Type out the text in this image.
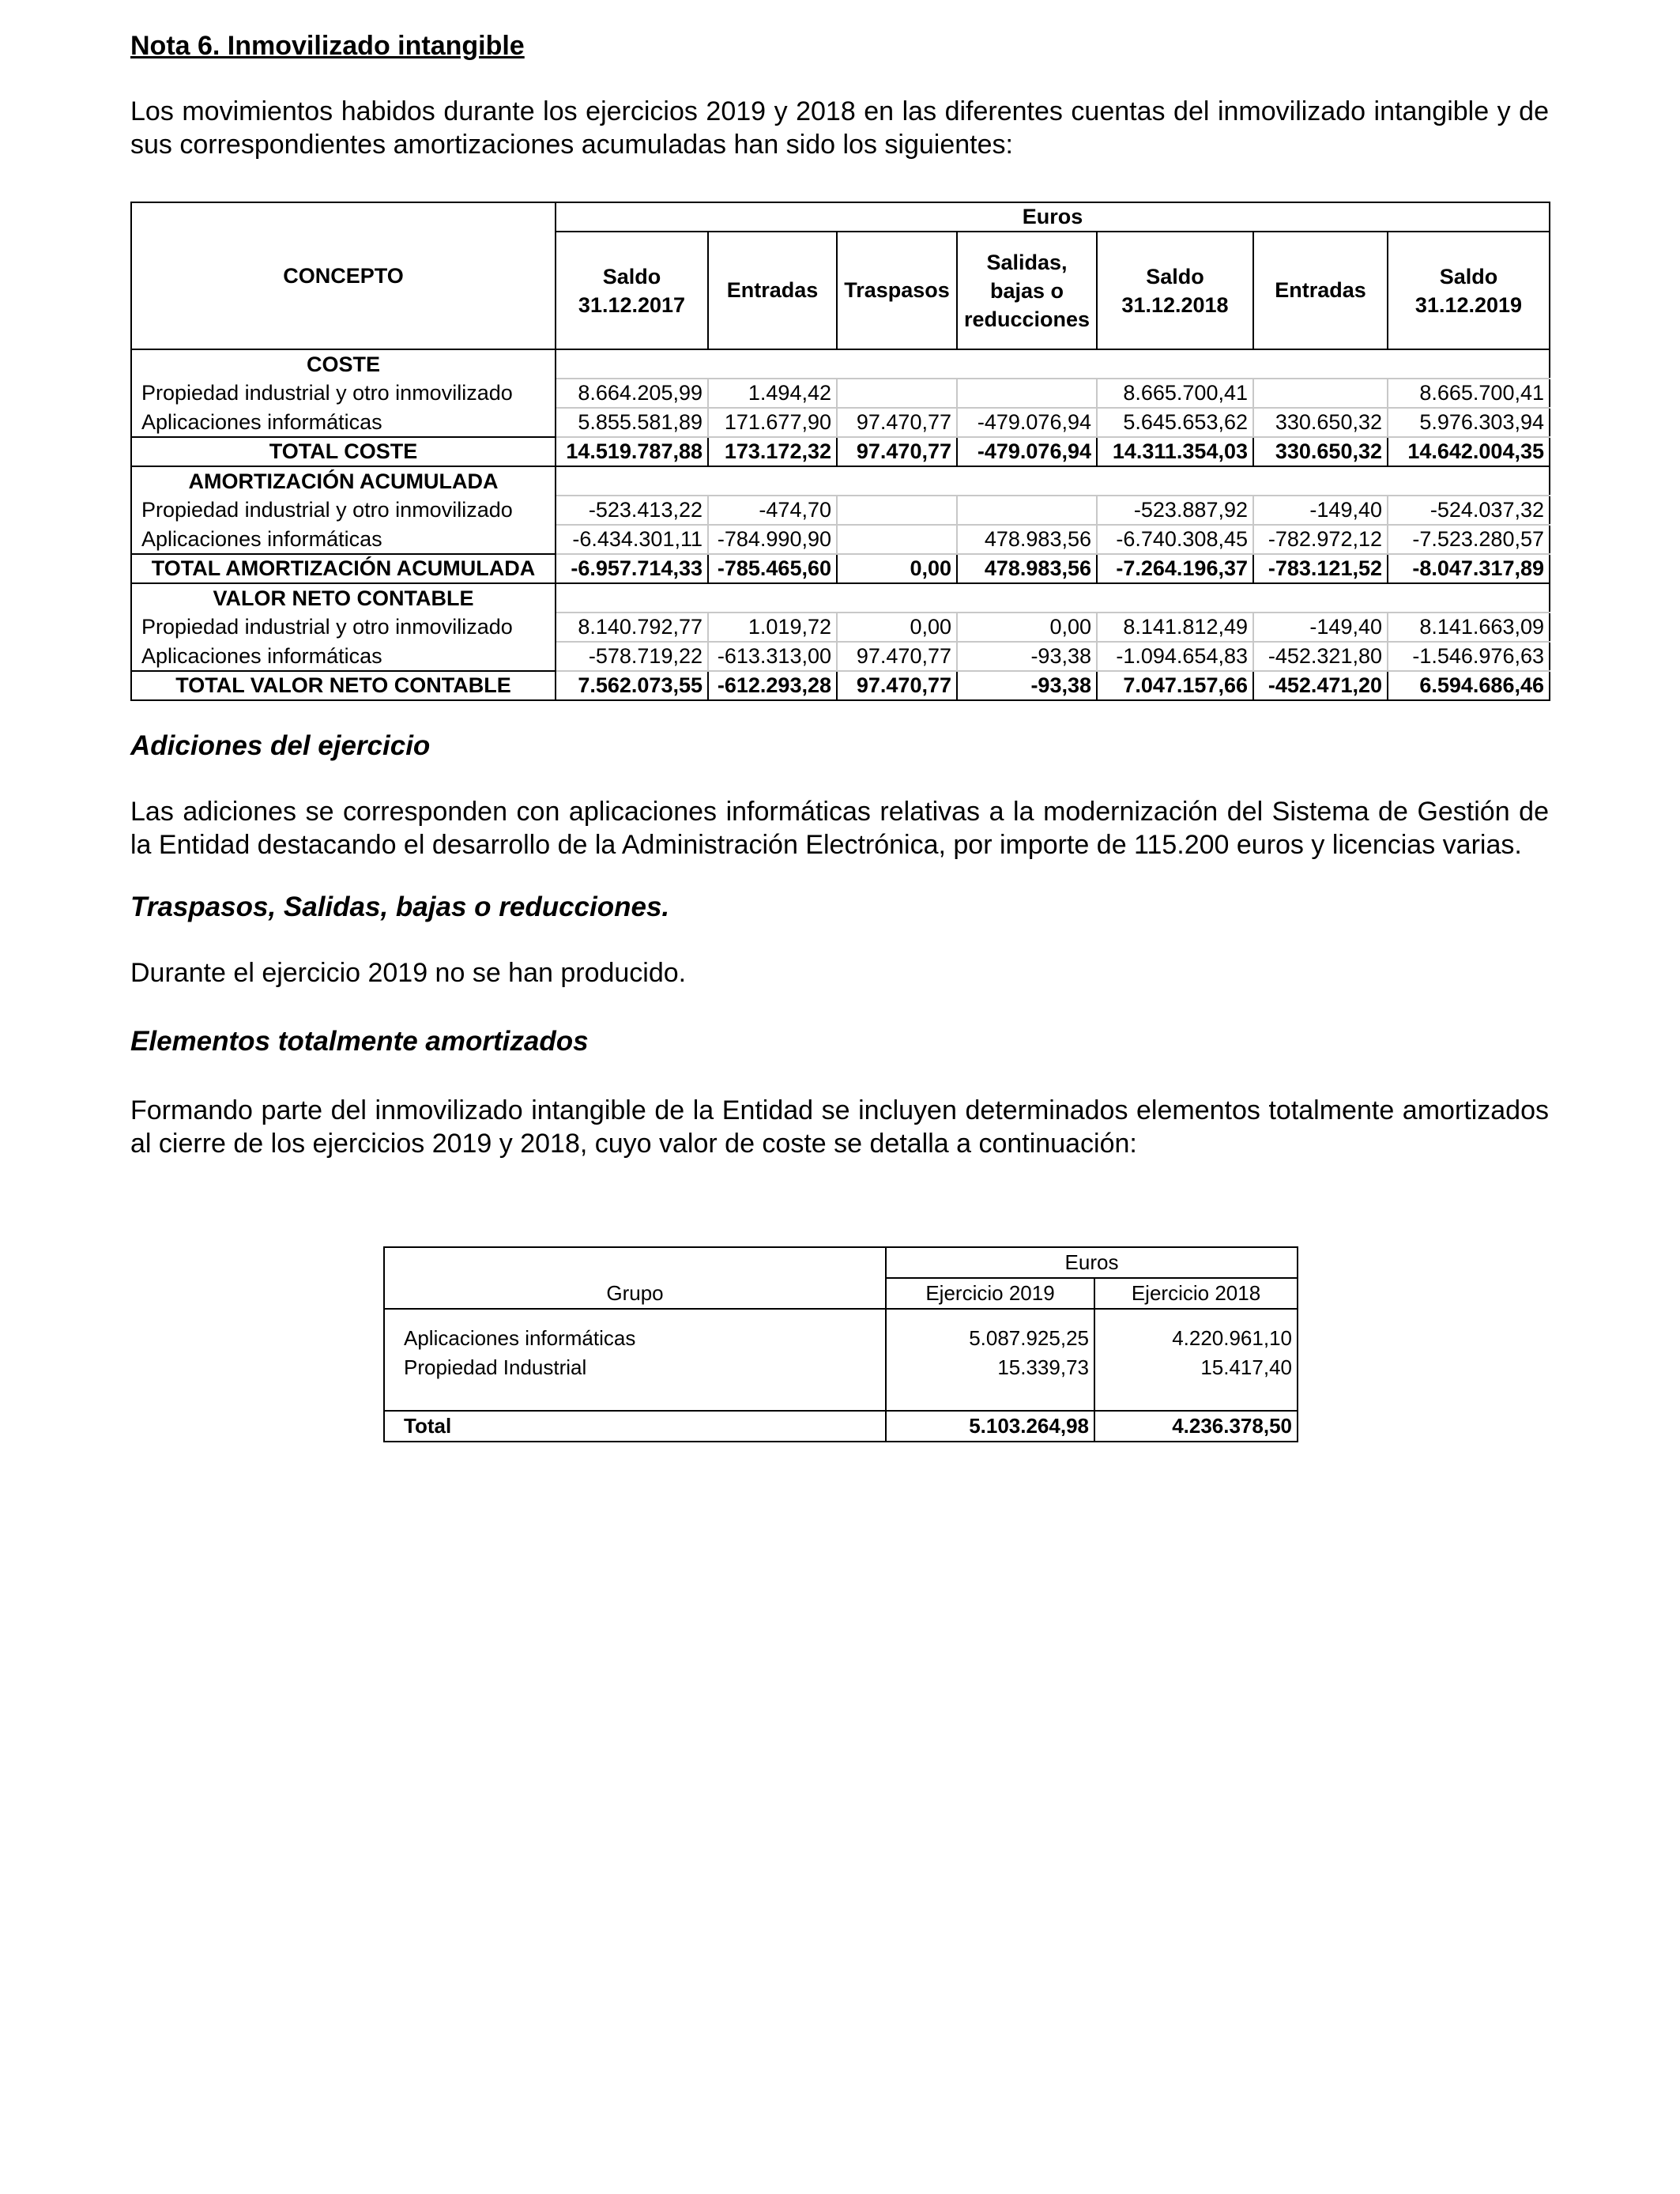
Nota 6. Inmovilizado intangible

Los movimientos habidos durante los ejercicios 2019 y 2018 en las diferentes cuentas del inmovilizado intangible y de sus correspondientes amortizaciones acumuladas han sido los siguientes:

CONCEPTO	Euros						
	Saldo 31.12.2017	Entradas	Traspasos	Salidas, bajas o reducciones	Saldo 31.12.2018	Entradas	Saldo 31.12.2019
COSTE							
Propiedad industrial y otro inmovilizado	8.664.205,99	1.494,42			8.665.700,41		8.665.700,41
Aplicaciones informáticas	5.855.581,89	171.677,90	97.470,77	-479.076,94	5.645.653,62	330.650,32	5.976.303,94
TOTAL COSTE	14.519.787,88	173.172,32	97.470,77	-479.076,94	14.311.354,03	330.650,32	14.642.004,35
AMORTIZACIÓN ACUMULADA							
Propiedad industrial y otro inmovilizado	-523.413,22	-474,70			-523.887,92	-149,40	-524.037,32
Aplicaciones informáticas	-6.434.301,11	-784.990,90		478.983,56	-6.740.308,45	-782.972,12	-7.523.280,57
TOTAL AMORTIZACIÓN ACUMULADA	-6.957.714,33	-785.465,60	0,00	478.983,56	-7.264.196,37	-783.121,52	-8.047.317,89
VALOR NETO CONTABLE							
Propiedad industrial y otro inmovilizado	8.140.792,77	1.019,72	0,00	0,00	8.141.812,49	-149,40	8.141.663,09
Aplicaciones informáticas	-578.719,22	-613.313,00	97.470,77	-93,38	-1.094.654,83	-452.321,80	-1.546.976,63
TOTAL VALOR NETO CONTABLE	7.562.073,55	-612.293,28	97.470,77	-93,38	7.047.157,66	-452.471,20	6.594.686,46

Adiciones del ejercicio

Las adiciones se corresponden con aplicaciones informáticas relativas a la modernización del Sistema de Gestión de la Entidad destacando el desarrollo de la Administración Electrónica, por importe de 115.200 euros y licencias varias.

Traspasos, Salidas, bajas o reducciones.

Durante el ejercicio 2019 no se han producido.

Elementos totalmente amortizados

Formando parte del inmovilizado intangible de la Entidad se incluyen determinados elementos totalmente amortizados al cierre de los ejercicios 2019 y 2018, cuyo valor de coste se detalla a continuación:

	Euros	
Grupo	Ejercicio 2019	Ejercicio 2018

Aplicaciones informáticas	5.087.925,25	4.220.961,10
Propiedad Industrial	15.339,73	15.417,40

Total	5.103.264,98	4.236.378,50
